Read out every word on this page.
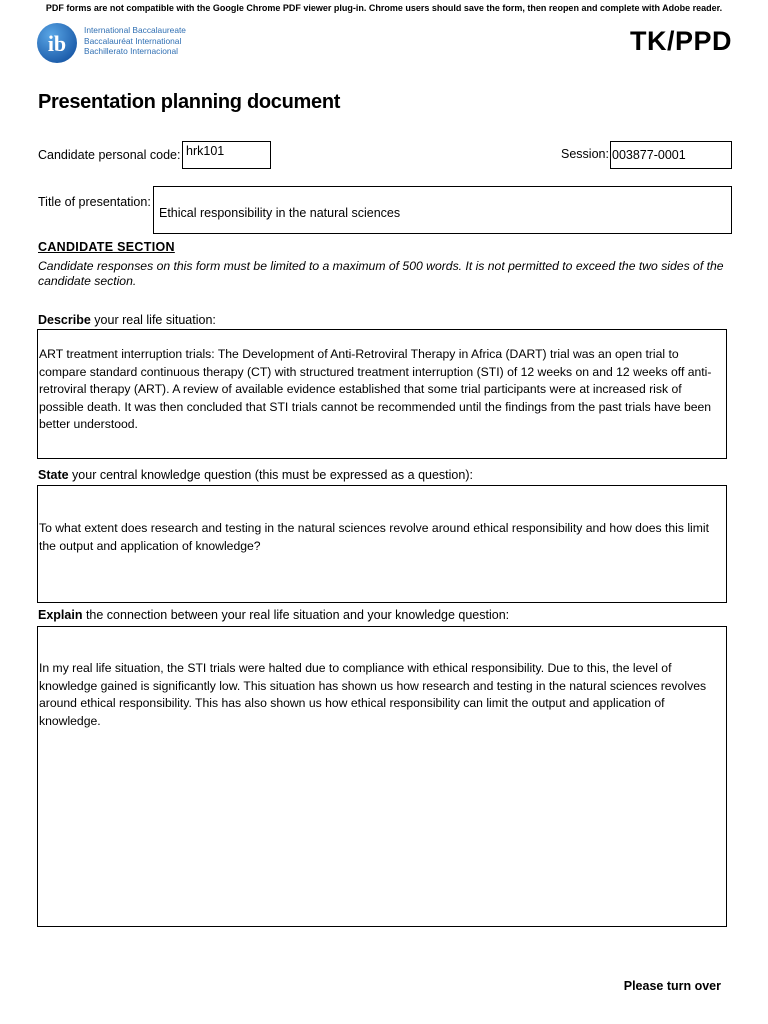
PDF forms are not compatible with the Google Chrome PDF viewer plug-in. Chrome users should save the form, then reopen and complete with Adobe reader.
ib
International Baccalaureate
Baccalauréat International
Bachillerato Internacional	TK/PPD
Presentation planning document
Candidate personal code: hrk101	Session: 003877-0001
Title of presentation:
Ethical responsibility in the natural sciences
CANDIDATE SECTION
Candidate responses on this form must be limited to a maximum of 500 words. It is not permitted to exceed the two sides of the candidate section.
Describe your real life situation:
ART treatment interruption trials: The Development of Anti-Retroviral Therapy in Africa (DART) trial was an open trial to compare standard continuous therapy (CT) with structured treatment interruption (STI) of 12 weeks on and 12 weeks off anti-retroviral therapy (ART). A review of available evidence established that some trial participants were at increased risk of possible death. It was then concluded that STI trials cannot be recommended until the findings from the past trials have been better understood.
State your central knowledge question (this must be expressed as a question):
To what extent does research and testing in the natural sciences revolve around ethical responsibility and how does this limit the output and application of knowledge?
Explain the connection between your real life situation and your knowledge question:
In my real life situation, the STI trials were halted due to compliance with ethical responsibility. Due to this, the level of knowledge gained is significantly low. This situation has shown us how research and testing in the natural sciences revolves around ethical responsibility. This has also shown us how ethical responsibility can limit the output and application of knowledge.
Please turn over
